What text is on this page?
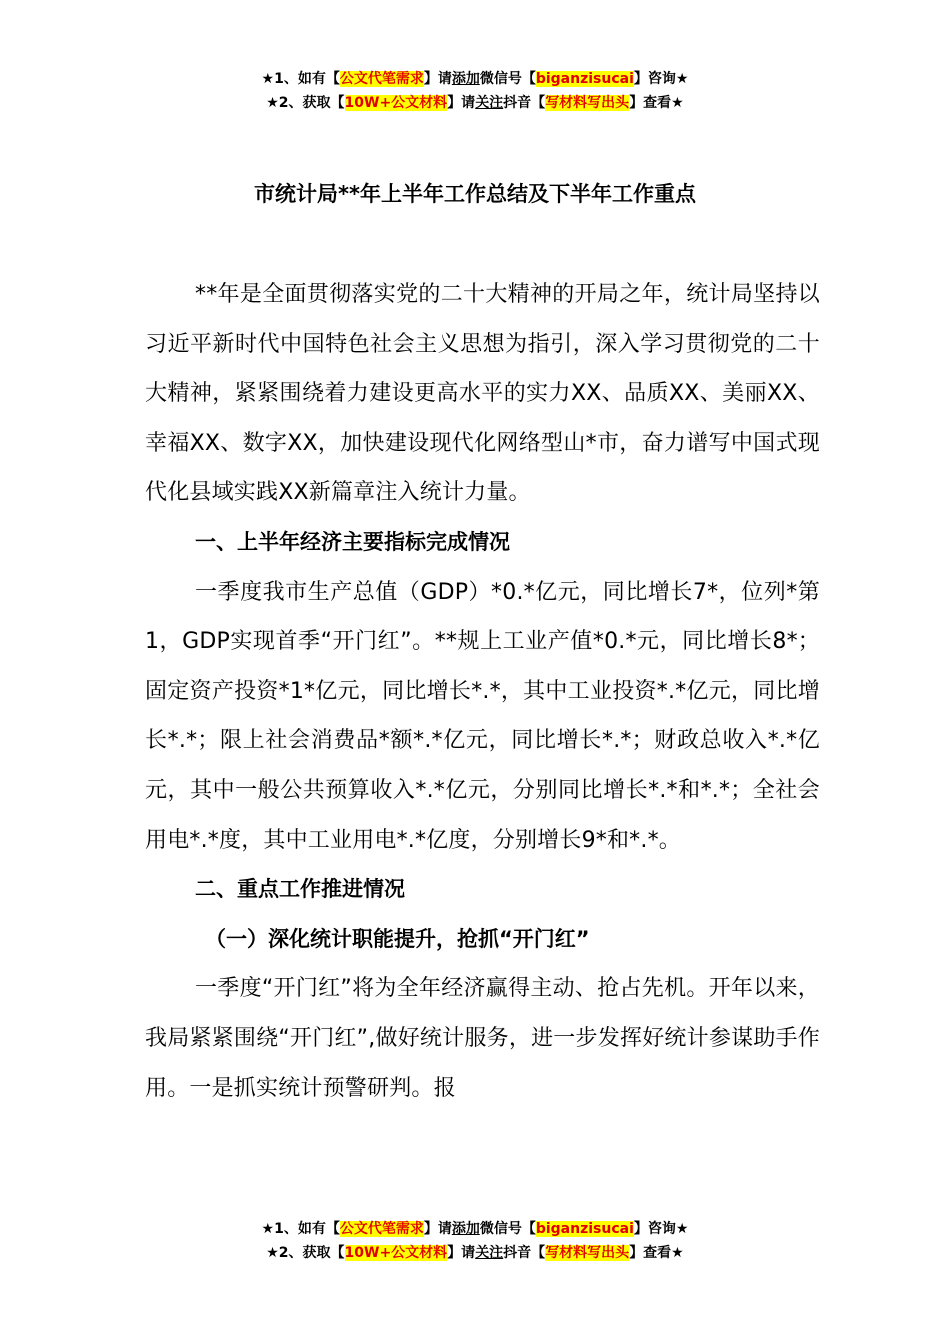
★1、如有【公文代笔需求】请添加微信号【biganzisucai】咨询★
★2、获取【10W+公文材料】请关注抖音【写材料写出头】查看★
市统计局**年上半年工作总结及下半年工作重点

**年是全面贯彻落实党的二十大精神的开局之年，统计局坚持以习近平新时代中国特色社会主义思想为指引，深入学习贯彻党的二十大精神，紧紧围绕着力建设更高水平的实力XX、品质XX、美丽XX、幸福XX、数字XX，加快建设现代化网络型山*市，奋力谱写中国式现代化县域实践XX新篇章注入统计力量。

一、上半年经济主要指标完成情况

一季度我市生产总值（GDP）*0.*亿元，同比增长7*，位列*第1，GDP实现首季“开门红”。**规上工业产值*0.*元，同比增长8*；固定资产投资*1*亿元，同比增长*.*，其中工业投资*.*亿元，同比增长*.*；限上社会消费品*额*.*亿元，同比增长*.*；财政总收入*.*亿元，其中一般公共预算收入*.*亿元，分别同比增长*.*和*.*；全社会用电*.*度，其中工业用电*.*亿度，分别增长9*和*.*。

二、重点工作推进情况

（一）深化统计职能提升，抢抓“开门红”

一季度“开门红”将为全年经济赢得主动、抢占先机。开年以来，我局紧紧围绕“开门红”,做好统计服务，进一步发挥好统计参谋助手作用。一是抓实统计预警研判。报

★1、如有【公文代笔需求】请添加微信号【biganzisucai】咨询★
★2、获取【10W+公文材料】请关注抖音【写材料写出头】查看★
